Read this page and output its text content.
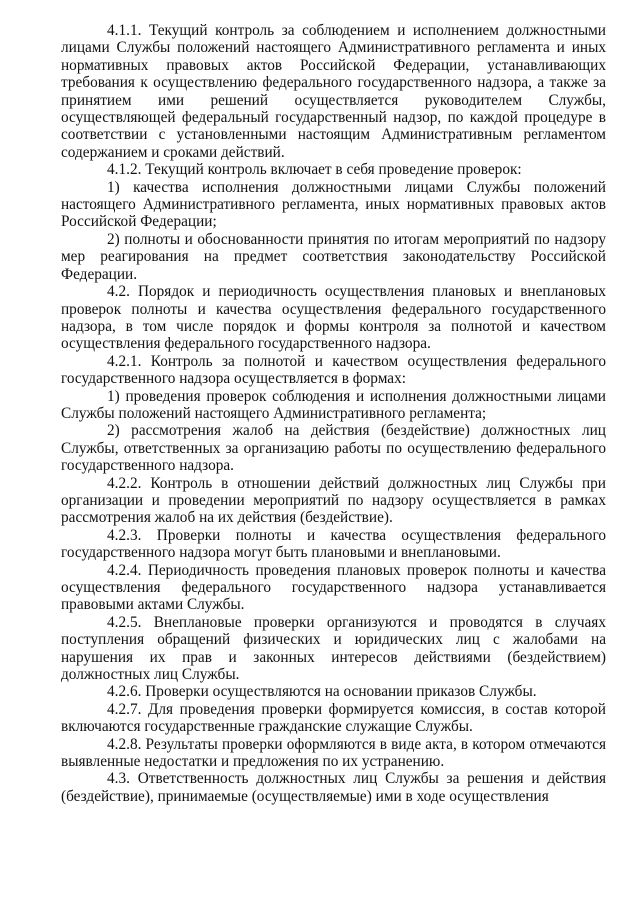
4.1.1. Текущий контроль за соблюдением и исполнением должностными лицами Службы положений настоящего Административного регламента и иных нормативных правовых актов Российской Федерации, устанавливающих требования к осуществлению федерального государственного надзора, а также за принятием ими решений осуществляется руководителем Службы, осуществляющей федеральный государственный надзор, по каждой процедуре в соответствии с установленными настоящим Административным регламентом содержанием и сроками действий.

4.1.2. Текущий контроль включает в себя проведение проверок:

1) качества исполнения должностными лицами Службы положений настоящего Административного регламента, иных нормативных правовых актов Российской Федерации;

2) полноты и обоснованности принятия по итогам мероприятий по надзору мер реагирования на предмет соответствия законодательству Российской Федерации.

4.2. Порядок и периодичность осуществления плановых и внеплановых проверок полноты и качества осуществления федерального государственного надзора, в том числе порядок и формы контроля за полнотой и качеством осуществления федерального государственного надзора.

4.2.1. Контроль за полнотой и качеством осуществления федерального государственного надзора осуществляется в формах:

1) проведения проверок соблюдения и исполнения должностными лицами Службы положений настоящего Административного регламента;

2) рассмотрения жалоб на действия (бездействие) должностных лиц Службы, ответственных за организацию работы по осуществлению федерального государственного надзора.

4.2.2. Контроль в отношении действий должностных лиц Службы при организации и проведении мероприятий по надзору осуществляется в рамках рассмотрения жалоб на их действия (бездействие).

4.2.3. Проверки полноты и качества осуществления федерального государственного надзора могут быть плановыми и внеплановыми.

4.2.4. Периодичность проведения плановых проверок полноты и качества осуществления федерального государственного надзора устанавливается правовыми актами Службы.

4.2.5. Внеплановые проверки организуются и проводятся в случаях поступления обращений физических и юридических лиц с жалобами на нарушения их прав и законных интересов действиями (бездействием) должностных лиц Службы.

4.2.6. Проверки осуществляются на основании приказов Службы.

4.2.7. Для проведения проверки формируется комиссия, в состав которой включаются государственные гражданские служащие Службы.

4.2.8. Результаты проверки оформляются в виде акта, в котором отмечаются выявленные недостатки и предложения по их устранению.

4.3. Ответственность должностных лиц Службы за решения и действия (бездействие), принимаемые (осуществляемые) ими в ходе осуществления
